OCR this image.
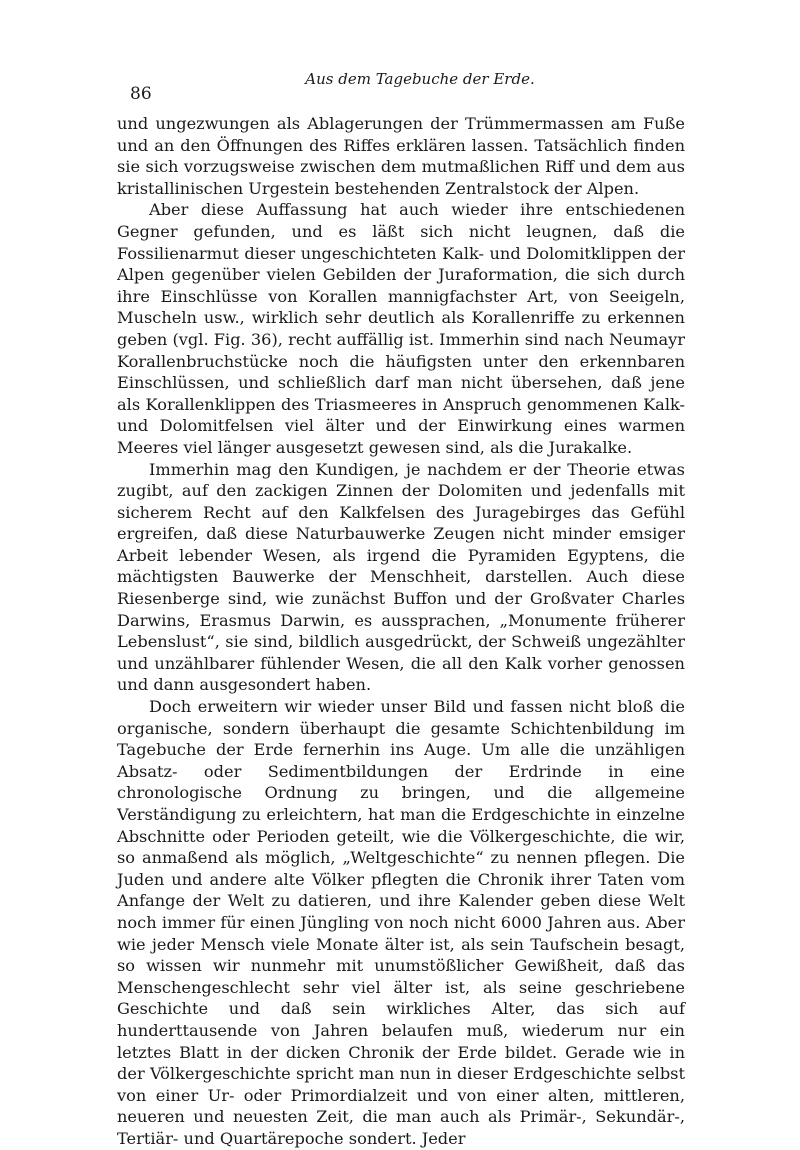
86
Aus dem Tagebuche der Erde.

und ungezwungen als Ablagerungen der Trümmermassen am Fuße und an den Öffnungen des Riffes erklären lassen. Tatsächlich finden sie sich vorzugsweise zwischen dem mutmaßlichen Riff und dem aus kristallinischen Urgestein bestehenden Zentralstock der Alpen.

Aber diese Auffassung hat auch wieder ihre entschiedenen Gegner gefunden, und es läßt sich nicht leugnen, daß die Fossilienarmut dieser ungeschichteten Kalk- und Dolomitklippen der Alpen gegenüber vielen Gebilden der Juraformation, die sich durch ihre Einschlüsse von Korallen mannigfachster Art, von Seeigeln, Muscheln usw., wirklich sehr deutlich als Korallenriffe zu erkennen geben (vgl. Fig. 36), recht auffällig ist. Immerhin sind nach Neumayr Korallenbruchstücke noch die häufigsten unter den erkennbaren Einschlüssen, und schließlich darf man nicht übersehen, daß jene als Korallenklippen des Triasmeeres in Anspruch genommenen Kalk- und Dolomitfelsen viel älter und der Einwirkung eines warmen Meeres viel länger ausgesetzt gewesen sind, als die Jurakalke.

Immerhin mag den Kundigen, je nachdem er der Theorie etwas zugibt, auf den zackigen Zinnen der Dolomiten und jedenfalls mit sicherem Recht auf den Kalkfelsen des Juragebirges das Gefühl ergreifen, daß diese Naturbauwerke Zeugen nicht minder emsiger Arbeit lebender Wesen, als irgend die Pyramiden Egyptens, die mächtigsten Bauwerke der Menschheit, darstellen. Auch diese Riesenberge sind, wie zunächst Buffon und der Großvater Charles Darwins, Erasmus Darwin, es aussprachen, „Monumente früherer Lebenslust“, sie sind, bildlich ausgedrückt, der Schweiß ungezählter und unzählbarer fühlender Wesen, die all den Kalk vorher genossen und dann ausgesondert haben.

Doch erweitern wir wieder unser Bild und fassen nicht bloß die organische, sondern überhaupt die gesamte Schichtenbildung im Tagebuche der Erde fernerhin ins Auge. Um alle die unzähligen Absatz- oder Sedimentbildungen der Erdrinde in eine chronologische Ordnung zu bringen, und die allgemeine Verständigung zu erleichtern, hat man die Erdgeschichte in einzelne Abschnitte oder Perioden geteilt, wie die Völkergeschichte, die wir, so anmaßend als möglich, „Weltgeschichte“ zu nennen pflegen. Die Juden und andere alte Völker pflegten die Chronik ihrer Taten vom Anfange der Welt zu datieren, und ihre Kalender geben diese Welt noch immer für einen Jüngling von noch nicht 6000 Jahren aus. Aber wie jeder Mensch viele Monate älter ist, als sein Taufschein besagt, so wissen wir nunmehr mit unumstößlicher Gewißheit, daß das Menschengeschlecht sehr viel älter ist, als seine geschriebene Geschichte und daß sein wirkliches Alter, das sich auf hunderttausende von Jahren belaufen muß, wiederum nur ein letztes Blatt in der dicken Chronik der Erde bildet. Gerade wie in der Völkergeschichte spricht man nun in dieser Erdgeschichte selbst von einer Ur- oder Primordialzeit und von einer alten, mittleren, neueren und neuesten Zeit, die man auch als Primär-, Sekundär-, Tertiär- und Quartärepoche sondert. Jeder
